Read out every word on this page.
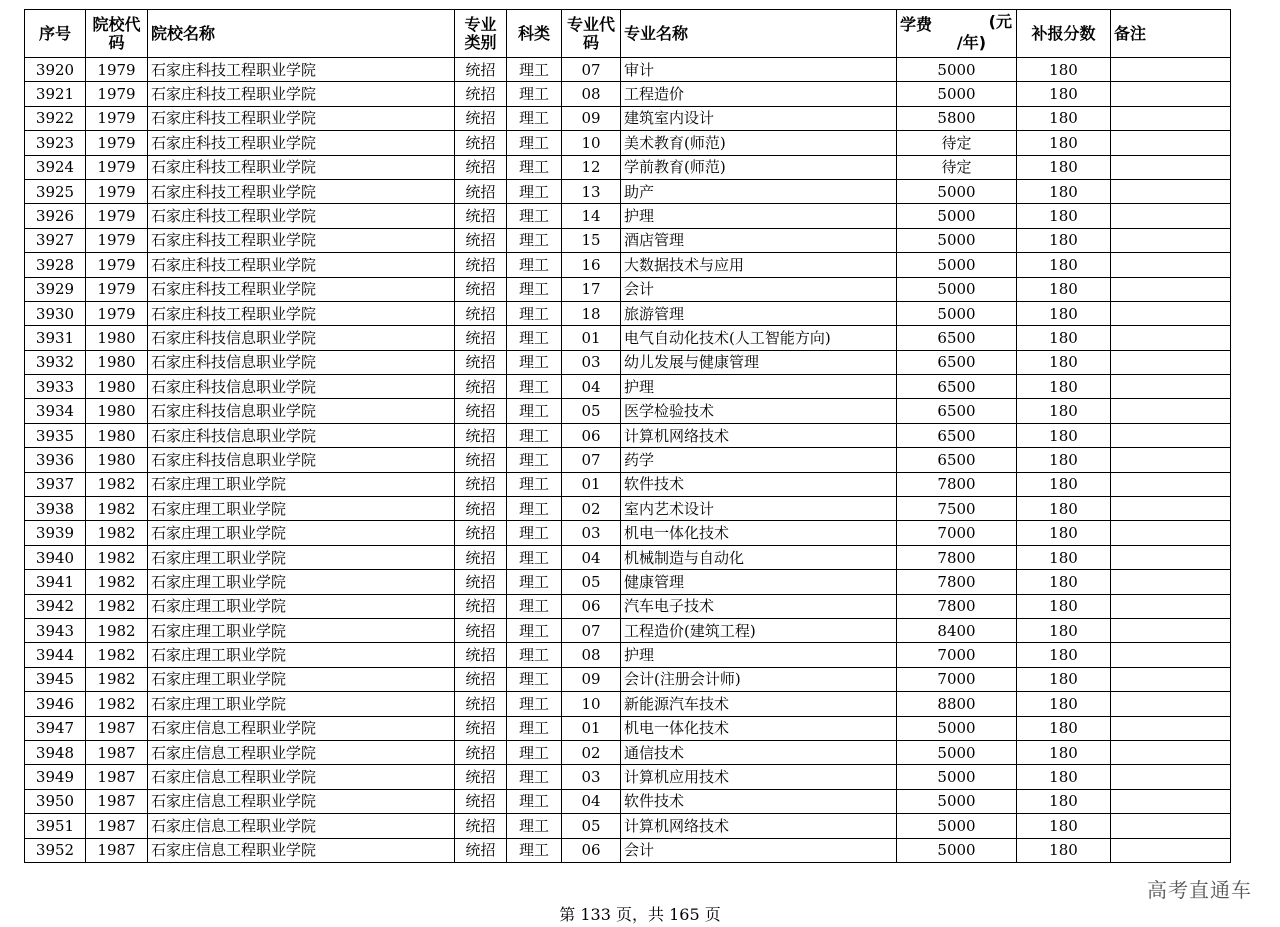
序号	院校代码	院校名称	专业类别	科类	专业代码	专业名称	学费 (元
/年)	补报分数	备注
3920	1979	石家庄科技工程职业学院	统招	理工	07	审计	5000	180	
3921	1979	石家庄科技工程职业学院	统招	理工	08	工程造价	5000	180	
3922	1979	石家庄科技工程职业学院	统招	理工	09	建筑室内设计	5800	180	
3923	1979	石家庄科技工程职业学院	统招	理工	10	美术教育(师范)	待定	180	
3924	1979	石家庄科技工程职业学院	统招	理工	12	学前教育(师范)	待定	180	
3925	1979	石家庄科技工程职业学院	统招	理工	13	助产	5000	180	
3926	1979	石家庄科技工程职业学院	统招	理工	14	护理	5000	180	
3927	1979	石家庄科技工程职业学院	统招	理工	15	酒店管理	5000	180	
3928	1979	石家庄科技工程职业学院	统招	理工	16	大数据技术与应用	5000	180	
3929	1979	石家庄科技工程职业学院	统招	理工	17	会计	5000	180	
3930	1979	石家庄科技工程职业学院	统招	理工	18	旅游管理	5000	180	
3931	1980	石家庄科技信息职业学院	统招	理工	01	电气自动化技术(人工智能方向)	6500	180	
3932	1980	石家庄科技信息职业学院	统招	理工	03	幼儿发展与健康管理	6500	180	
3933	1980	石家庄科技信息职业学院	统招	理工	04	护理	6500	180	
3934	1980	石家庄科技信息职业学院	统招	理工	05	医学检验技术	6500	180	
3935	1980	石家庄科技信息职业学院	统招	理工	06	计算机网络技术	6500	180	
3936	1980	石家庄科技信息职业学院	统招	理工	07	药学	6500	180	
3937	1982	石家庄理工职业学院	统招	理工	01	软件技术	7800	180	
3938	1982	石家庄理工职业学院	统招	理工	02	室内艺术设计	7500	180	
3939	1982	石家庄理工职业学院	统招	理工	03	机电一体化技术	7000	180	
3940	1982	石家庄理工职业学院	统招	理工	04	机械制造与自动化	7800	180	
3941	1982	石家庄理工职业学院	统招	理工	05	健康管理	7800	180	
3942	1982	石家庄理工职业学院	统招	理工	06	汽车电子技术	7800	180	
3943	1982	石家庄理工职业学院	统招	理工	07	工程造价(建筑工程)	8400	180	
3944	1982	石家庄理工职业学院	统招	理工	08	护理	7000	180	
3945	1982	石家庄理工职业学院	统招	理工	09	会计(注册会计师)	7000	180	
3946	1982	石家庄理工职业学院	统招	理工	10	新能源汽车技术	8800	180	
3947	1987	石家庄信息工程职业学院	统招	理工	01	机电一体化技术	5000	180	
3948	1987	石家庄信息工程职业学院	统招	理工	02	通信技术	5000	180	
3949	1987	石家庄信息工程职业学院	统招	理工	03	计算机应用技术	5000	180	
3950	1987	石家庄信息工程职业学院	统招	理工	04	软件技术	5000	180	
3951	1987	石家庄信息工程职业学院	统招	理工	05	计算机网络技术	5000	180	
3952	1987	石家庄信息工程职业学院	统招	理工	06	会计	5000	180	
第 133 页，共 165 页
高考直通车
